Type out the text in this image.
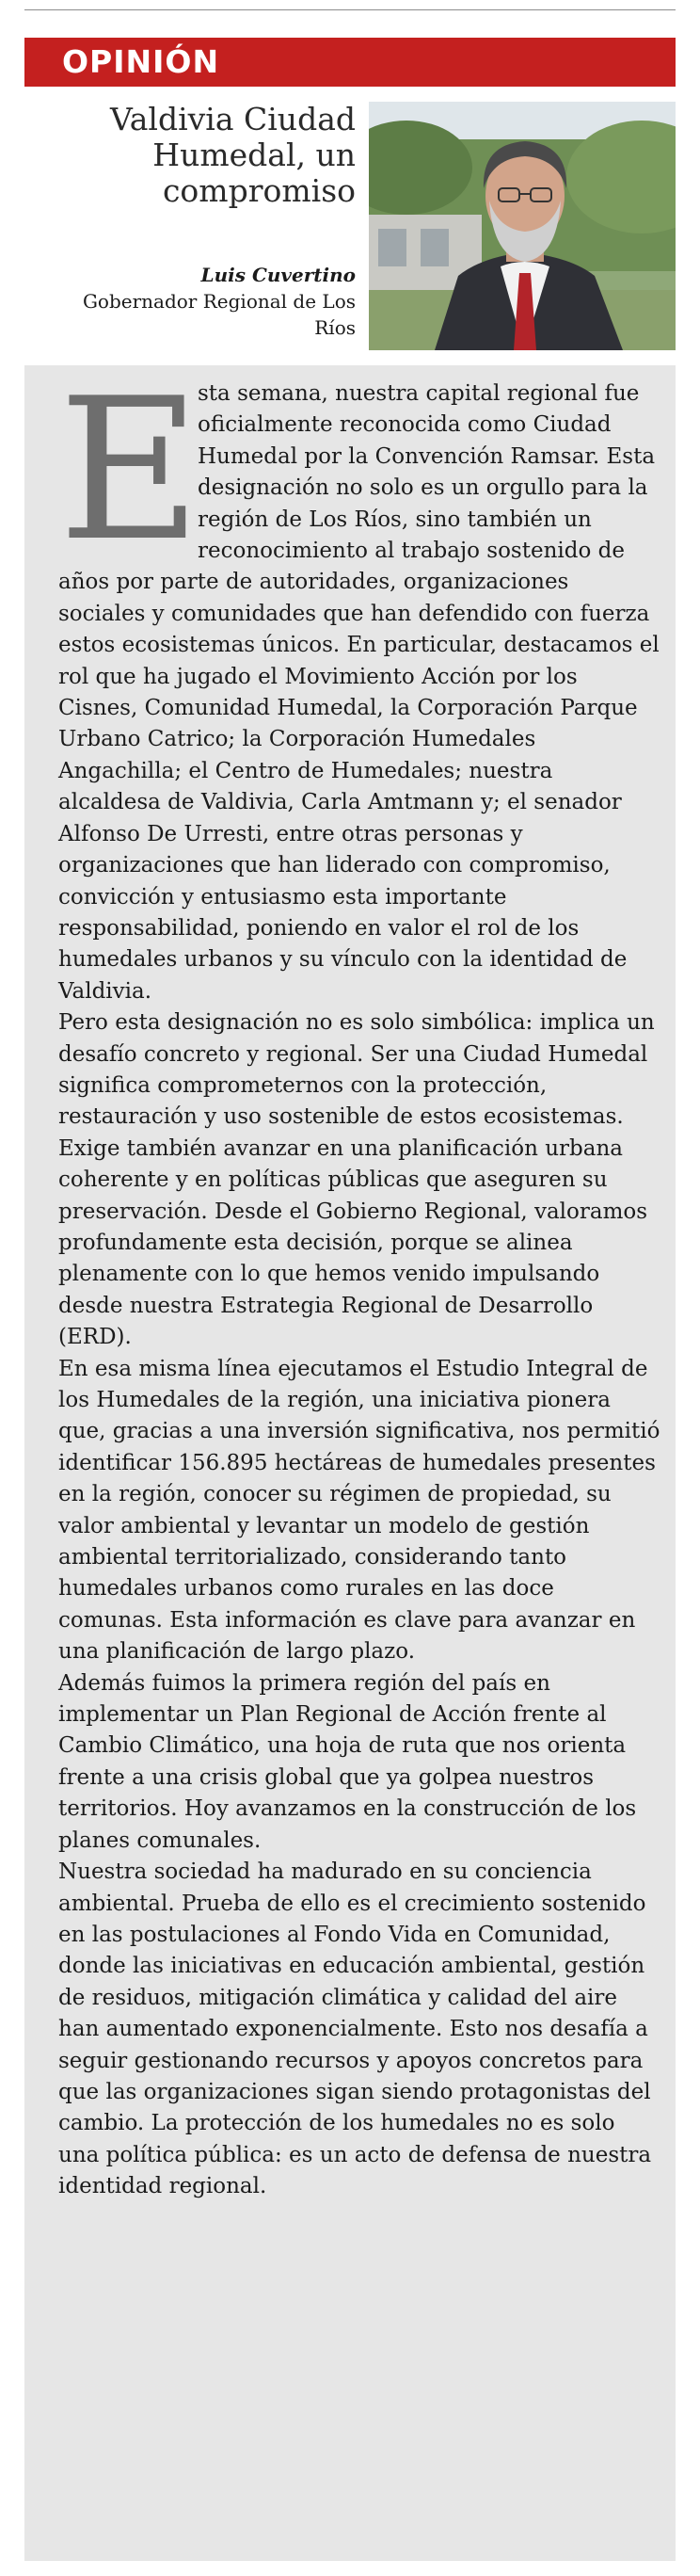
OPINIÓN
Valdivia Ciudad Humedal, un compromiso
Luis Cuvertino
Gobernador Regional de Los Ríos

sta semana, nuestra capital regional fue oficialmente reconocida como Ciudad Humedal por la Convención Ramsar. Esta designación no solo es un orgullo para la región de Los Ríos, sino también un reconocimiento al trabajo sostenido de años por parte de autoridades, organizaciones sociales y comunidades que han defendido con fuerza estos ecosistemas únicos. En particular, destacamos el rol que ha jugado el Movimiento Acción por los Cisnes, Comunidad Humedal, la Corporación Parque Urbano Catrico; la Corporación Humedales Angachilla; el Centro de Humedales; nuestra alcaldesa de Valdivia, Carla Amtmann y; el senador Alfonso De Urresti, entre otras personas y organizaciones que han liderado con compromiso, convicción y entusiasmo esta importante responsabilidad, poniendo en valor el rol de los humedales urbanos y su vínculo con la identidad de Valdivia.

Pero esta designación no es solo simbólica: implica un desafío concreto y regional. Ser una Ciudad Humedal significa comprometernos con la protección, restauración y uso sostenible de estos ecosistemas.

Exige también avanzar en una planificación urbana coherente y en políticas públicas que aseguren su preservación. Desde el Gobierno Regional, valoramos profundamente esta decisión, porque se alinea plenamente con lo que hemos venido impulsando desde nuestra Estrategia Regional de Desarrollo (ERD).

En esa misma línea ejecutamos el Estudio Integral de los Humedales de la región, una iniciativa pionera que, gracias a una inversión significativa, nos permitió identificar 156.895 hectáreas de humedales presentes en la región, conocer su régimen de propiedad, su valor ambiental y levantar un modelo de gestión ambiental territorializado, considerando tanto humedales urbanos como rurales en las doce comunas. Esta información es clave para avanzar en una planificación de largo plazo.

Además fuimos la primera región del país en implementar un Plan Regional de Acción frente al Cambio Climático, una hoja de ruta que nos orienta frente a una crisis global que ya golpea nuestros territorios. Hoy avanzamos en la construcción de los planes comunales.

Nuestra sociedad ha madurado en su conciencia ambiental. Prueba de ello es el crecimiento sostenido en las postulaciones al Fondo Vida en Comunidad, donde las iniciativas en educación ambiental, gestión de residuos, mitigación climática y calidad del aire han aumentado exponencialmente. Esto nos desafía a seguir gestionando recursos y apoyos concretos para que las organizaciones sigan siendo protagonistas del cambio. La protección de los humedales no es solo una política pública: es un acto de defensa de nuestra identidad regional.

E
